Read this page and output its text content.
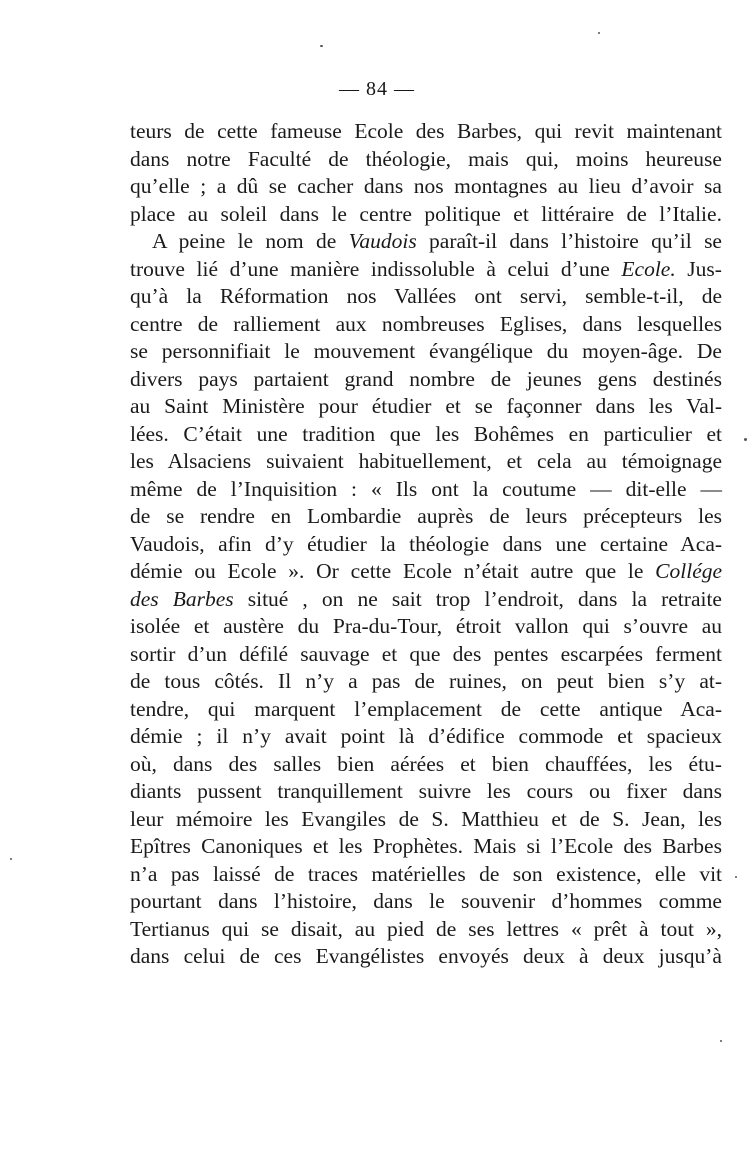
— 84 —
teurs de cette fameuse Ecole des Barbes, qui revit maintenant
dans notre Faculté de théologie, mais qui, moins heureuse
qu’elle ; a dû se cacher dans nos montagnes au lieu d’avoir sa
place au soleil dans le centre politique et littéraire de l’Italie.
A peine le nom de Vaudois paraît-il dans l’histoire qu’il se
trouve lié d’une manière indissoluble à celui d’une Ecole. Jus-
qu’à la Réformation nos Vallées ont servi, semble-t-il, de
centre de ralliement aux nombreuses Eglises, dans lesquelles
se personnifiait le mouvement évangélique du moyen-âge. De
divers pays partaient grand nombre de jeunes gens destinés
au Saint Ministère pour étudier et se façonner dans les Val-
lées. C’était une tradition que les Bohêmes en particulier et
les Alsaciens suivaient habituellement, et cela au témoignage
même de l’Inquisition : « Ils ont la coutume — dit-elle —
de se rendre en Lombardie auprès de leurs précepteurs les
Vaudois, afin d’y étudier la théologie dans une certaine Aca-
démie ou Ecole ». Or cette Ecole n’était autre que le Collége
des Barbes situé , on ne sait trop l’endroit, dans la retraite
isolée et austère du Pra-du-Tour, étroit vallon qui s’ouvre au
sortir d’un défilé sauvage et que des pentes escarpées ferment
de tous côtés. Il n’y a pas de ruines, on peut bien s’y at-
tendre, qui marquent l’emplacement de cette antique Aca-
démie ; il n’y avait point là d’édifice commode et spacieux
où, dans des salles bien aérées et bien chauffées, les étu-
diants pussent tranquillement suivre les cours ou fixer dans
leur mémoire les Evangiles de S. Matthieu et de S. Jean, les
Epîtres Canoniques et les Prophètes. Mais si l’Ecole des Barbes
n’a pas laissé de traces matérielles de son existence, elle vit
pourtant dans l’histoire, dans le souvenir d’hommes comme
Tertianus qui se disait, au pied de ses lettres « prêt à tout »,
dans celui de ces Evangélistes envoyés deux à deux jusqu’à
